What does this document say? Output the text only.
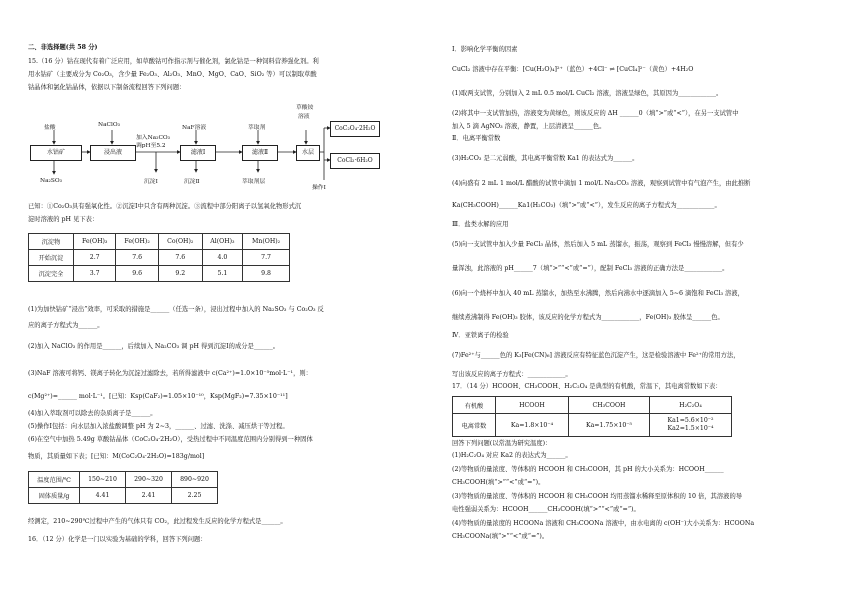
二、非选择题(共 58 分)
15.（16 分）钴在现代有着广泛应用，如草酸钴可作指示剂与催化剂，氯化钴是一种饲料营养强化剂。利
用水钴矿（主要成分为 Co₂O₃，含少量 Fe₂O₃、Al₂O₃、MnO、MgO、CaO、SiO₂ 等）可以制取草酸
钴晶体和氯化钴晶体，依据以下制备流程回答下列问题：
盐酸
水钴矿
Na₂SO₃
NaClO₃
浸出液
加入Na₂CO₃
调pH至5.2
沉淀Ⅰ
NaF溶液
滤液Ⅰ
沉淀Ⅱ
萃取剂
滤液Ⅱ
萃取剂层
草酸铵
溶液
水层
CoC₂O₄·2H₂O
CoCl₂·6H₂O
操作Ⅰ
已知：①Co₂O₃具有强氧化性。②沉淀Ⅰ中只含有两种沉淀。③流程中部分阳离子以氢氧化物形式沉
淀时溶液的 pH 见下表：
沉淀物	Fe(OH)₃	Fe(OH)₂	Co(OH)₂	Al(OH)₃	Mn(OH)₂
开始沉淀	2.7	7.6	7.6	4.0	7.7
沉淀完全	3.7	9.6	9.2	5.1	9.8
(1)为加快钴矿“浸出”效率，可采取的措施是______（任选一条），浸出过程中加入的 Na₂SO₃ 与 Co₂O₃ 反
应的离子方程式为______。
(2)加入 NaClO₃ 的作用是______，后续加入 Na₂CO₃ 调 pH 得到沉淀Ⅰ的成分是______。
(3)NaF 溶液可将钙、镁离子转化为沉淀过滤除去，若所得滤液中 c(Ca²⁺)=1.0×10⁻⁵mol·L⁻¹，则：
c(Mg²⁺)=______ mol·L⁻¹。[已知：Ksp(CaF₂)=1.05×10⁻¹⁰，Ksp(MgF₂)=7.35×10⁻¹¹]
(4)加入萃取剂可以除去的杂质离子是______。
(5)操作Ⅰ包括：向水层加入浓盐酸调整 pH 为 2~3，______、过滤、洗涤、减压烘干等过程。
(6)在空气中加热 5.49g 草酸钴晶体（CoC₂O₄·2H₂O），受热过程中不同温度范围内分别得到一种固体
物质，其质量如下表；[已知：M(CoC₂O₄·2H₂O)=183g/mol]
温度范围/℃	150~210	290~320	890~920
固体质量/g	4.41	2.41	2.25
经测定，210~290℃过程中产生的气体只有 CO₂，此过程发生反应的化学方程式是______。
16．（12 分）化学是一门以实验为基础的学科，回答下列问题：
Ⅰ．影响化学平衡的因素
CuCl₂ 溶液中存在平衡：[Cu(H₂O)₄]²⁺（蓝色）+4Cl⁻ ⇌ [CuCl₄]²⁻（黄色）+4H₂O
(1)取两支试管，分别加入 2 mL 0.5 mol/L CuCl₂ 溶液，溶液呈绿色，其原因为____________。
(2)将其中一支试管加热，溶液变为黄绿色，则该反应的 ΔH ______0（填“>”或“<”），在另一支试管中
加入 5 滴 AgNO₃ 溶液，静置，上层清液呈______色。
Ⅱ．电离平衡常数
(3)H₂CO₃ 是二元弱酸，其电离平衡常数 Ka1 的表达式为______。
(4)向盛有 2 mL 1 mol/L 醋酸的试管中滴加 1 mol/L Na₂CO₃ 溶液，观察到试管中有气泡产生，由此推断
Ka(CH₃COOH)______Ka1(H₂CO₃)（填“>”或“<”），发生反应的离子方程式为____________。
Ⅲ．盐类水解的应用
(5)向一支试管中加入少量 FeCl₃ 晶体，然后加入 5 mL 蒸馏水，振荡，观察到 FeCl₃ 慢慢溶解，但有少
量浑浊，此溶液的 pH______7（填“>”“<”或“=”），配制 FeCl₃ 溶液的正确方法是____________。
(6)向一个烧杯中加入 40 mL 蒸馏水，加热至水沸腾，然后向沸水中逐滴加入 5~6 滴饱和 FeCl₃ 溶液，
继续煮沸制得 Fe(OH)₃ 胶体，该反应的化学方程式为____________，Fe(OH)₃ 胶体呈______色。
Ⅳ．亚铁离子的检验
(7)Fe²⁺与______色的 K₃[Fe(CN)₆] 溶液反应有特征蓝色沉淀产生，这是检验溶液中 Fe²⁺的常用方法，
写出该反应的离子方程式：____________。
17．（14 分）HCOOH、CH₃COOH、H₂C₂O₄ 是典型的有机酸，常温下，其电离常数如下表：
有机酸	HCOOH	CH₃COOH	H₂C₂O₄
电离常数	Ka=1.8×10⁻⁴	Ka=1.75×10⁻⁵	Ka1=5.6×10⁻²
Ka2=1.5×10⁻⁴
回答下列问题(以常温为研究温度)：
(1)H₂C₂O₄ 对应 Ka2 的表达式为______。
(2)等物质的量浓度、等体积的 HCOOH 和 CH₃COOH，其 pH 的大小关系为：HCOOH______
CH₃COOH(填“>”“<”或“=”)。
(3)等物质的量浓度、等体积的 HCOOH 和 CH₃COOH 均用蒸馏水稀释至原体积的 10 倍，其溶液的导
电性强弱关系为：HCOOH______CH₃COOH(填“>”“<”或“=”)。
(4)等物质的量浓度的 HCOONa 溶液和 CH₃COONa 溶液中，由水电离的 c(OH⁻)大小关系为：HCOONa
CH₃COONa(填“>”“<”或“=”)。
